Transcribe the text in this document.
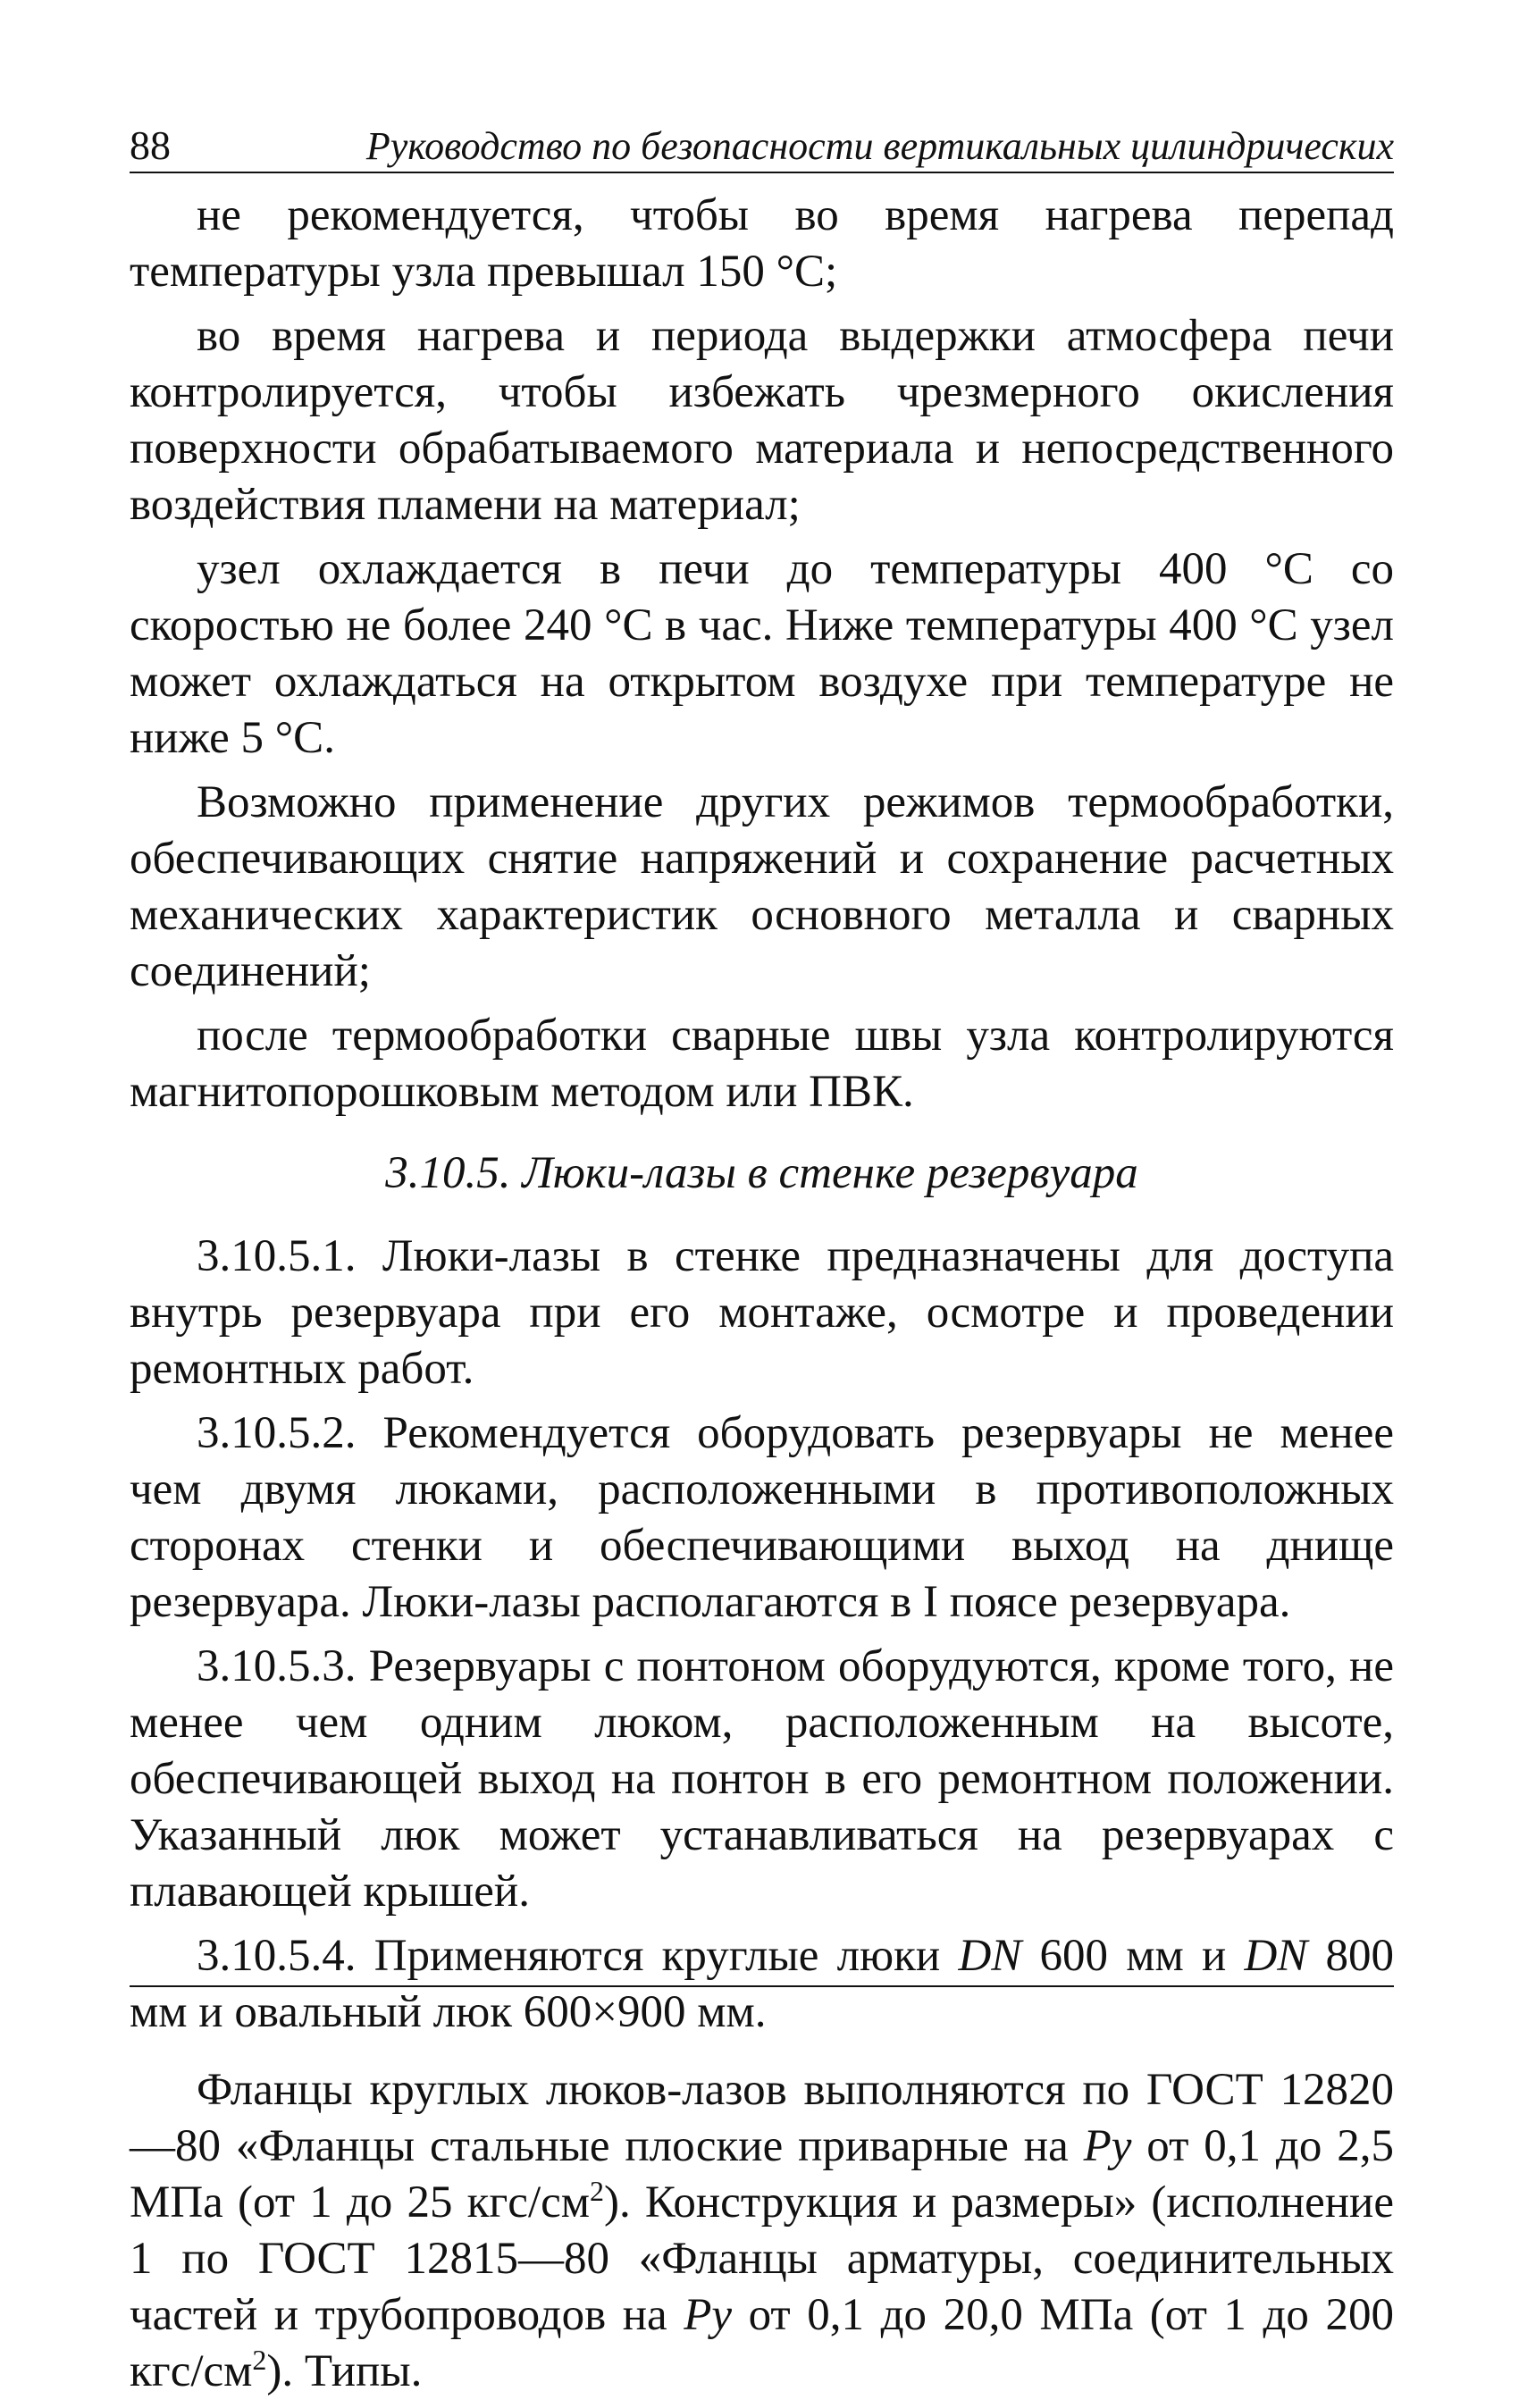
88	Руководство по безопасности вертикальных цилиндрических

не рекомендуется, чтобы во время нагрева перепад температуры узла превышал 150 °С;

во время нагрева и периода выдержки атмосфера печи контролируется, чтобы избежать чрезмерного окисления поверхности обрабатываемого материала и непосредственного воздействия пламени на материал;

узел охлаждается в печи до температуры 400 °С со скоростью не более 240 °С в час. Ниже температуры 400 °С узел может охлаждаться на открытом воздухе при температуре не ниже 5 °С.

Возможно применение других режимов термообработки, обеспечивающих снятие напряжений и сохранение расчетных механических характеристик основного металла и сварных соединений;

после термообработки сварные швы узла контролируются магнитопорошковым методом или ПВК.

3.10.5. Люки-лазы в стенке резервуара

3.10.5.1. Люки-лазы в стенке предназначены для доступа внутрь резервуара при его монтаже, осмотре и проведении ремонтных работ.

3.10.5.2. Рекомендуется оборудовать резервуары не менее чем двумя люками, расположенными в противоположных сторонах стенки и обеспечивающими выход на днище резервуара. Люки-лазы располагаются в I поясе резервуара.

3.10.5.3. Резервуары с понтоном оборудуются, кроме того, не менее чем одним люком, расположенным на высоте, обеспечивающей выход на понтон в его ремонтном положении. Указанный люк может устанавливаться на резервуарах с плавающей крышей.

3.10.5.4. Применяются круглые люки DN 600 мм и DN 800 мм и овальный люк 600×900 мм.

Фланцы круглых люков-лазов выполняются по ГОСТ 12820—80 «Фланцы стальные плоские приварные на Ру от 0,1 до 2,5 МПа (от 1 до 25 кгс/$см^2$). Конструкция и размеры» (исполнение 1 по ГОСТ 12815—80 «Фланцы арматуры, соединительных частей и трубопроводов на Ру от 0,1 до 20,0 МПа (от 1 до 200 кгс/$см^2$). Типы.
